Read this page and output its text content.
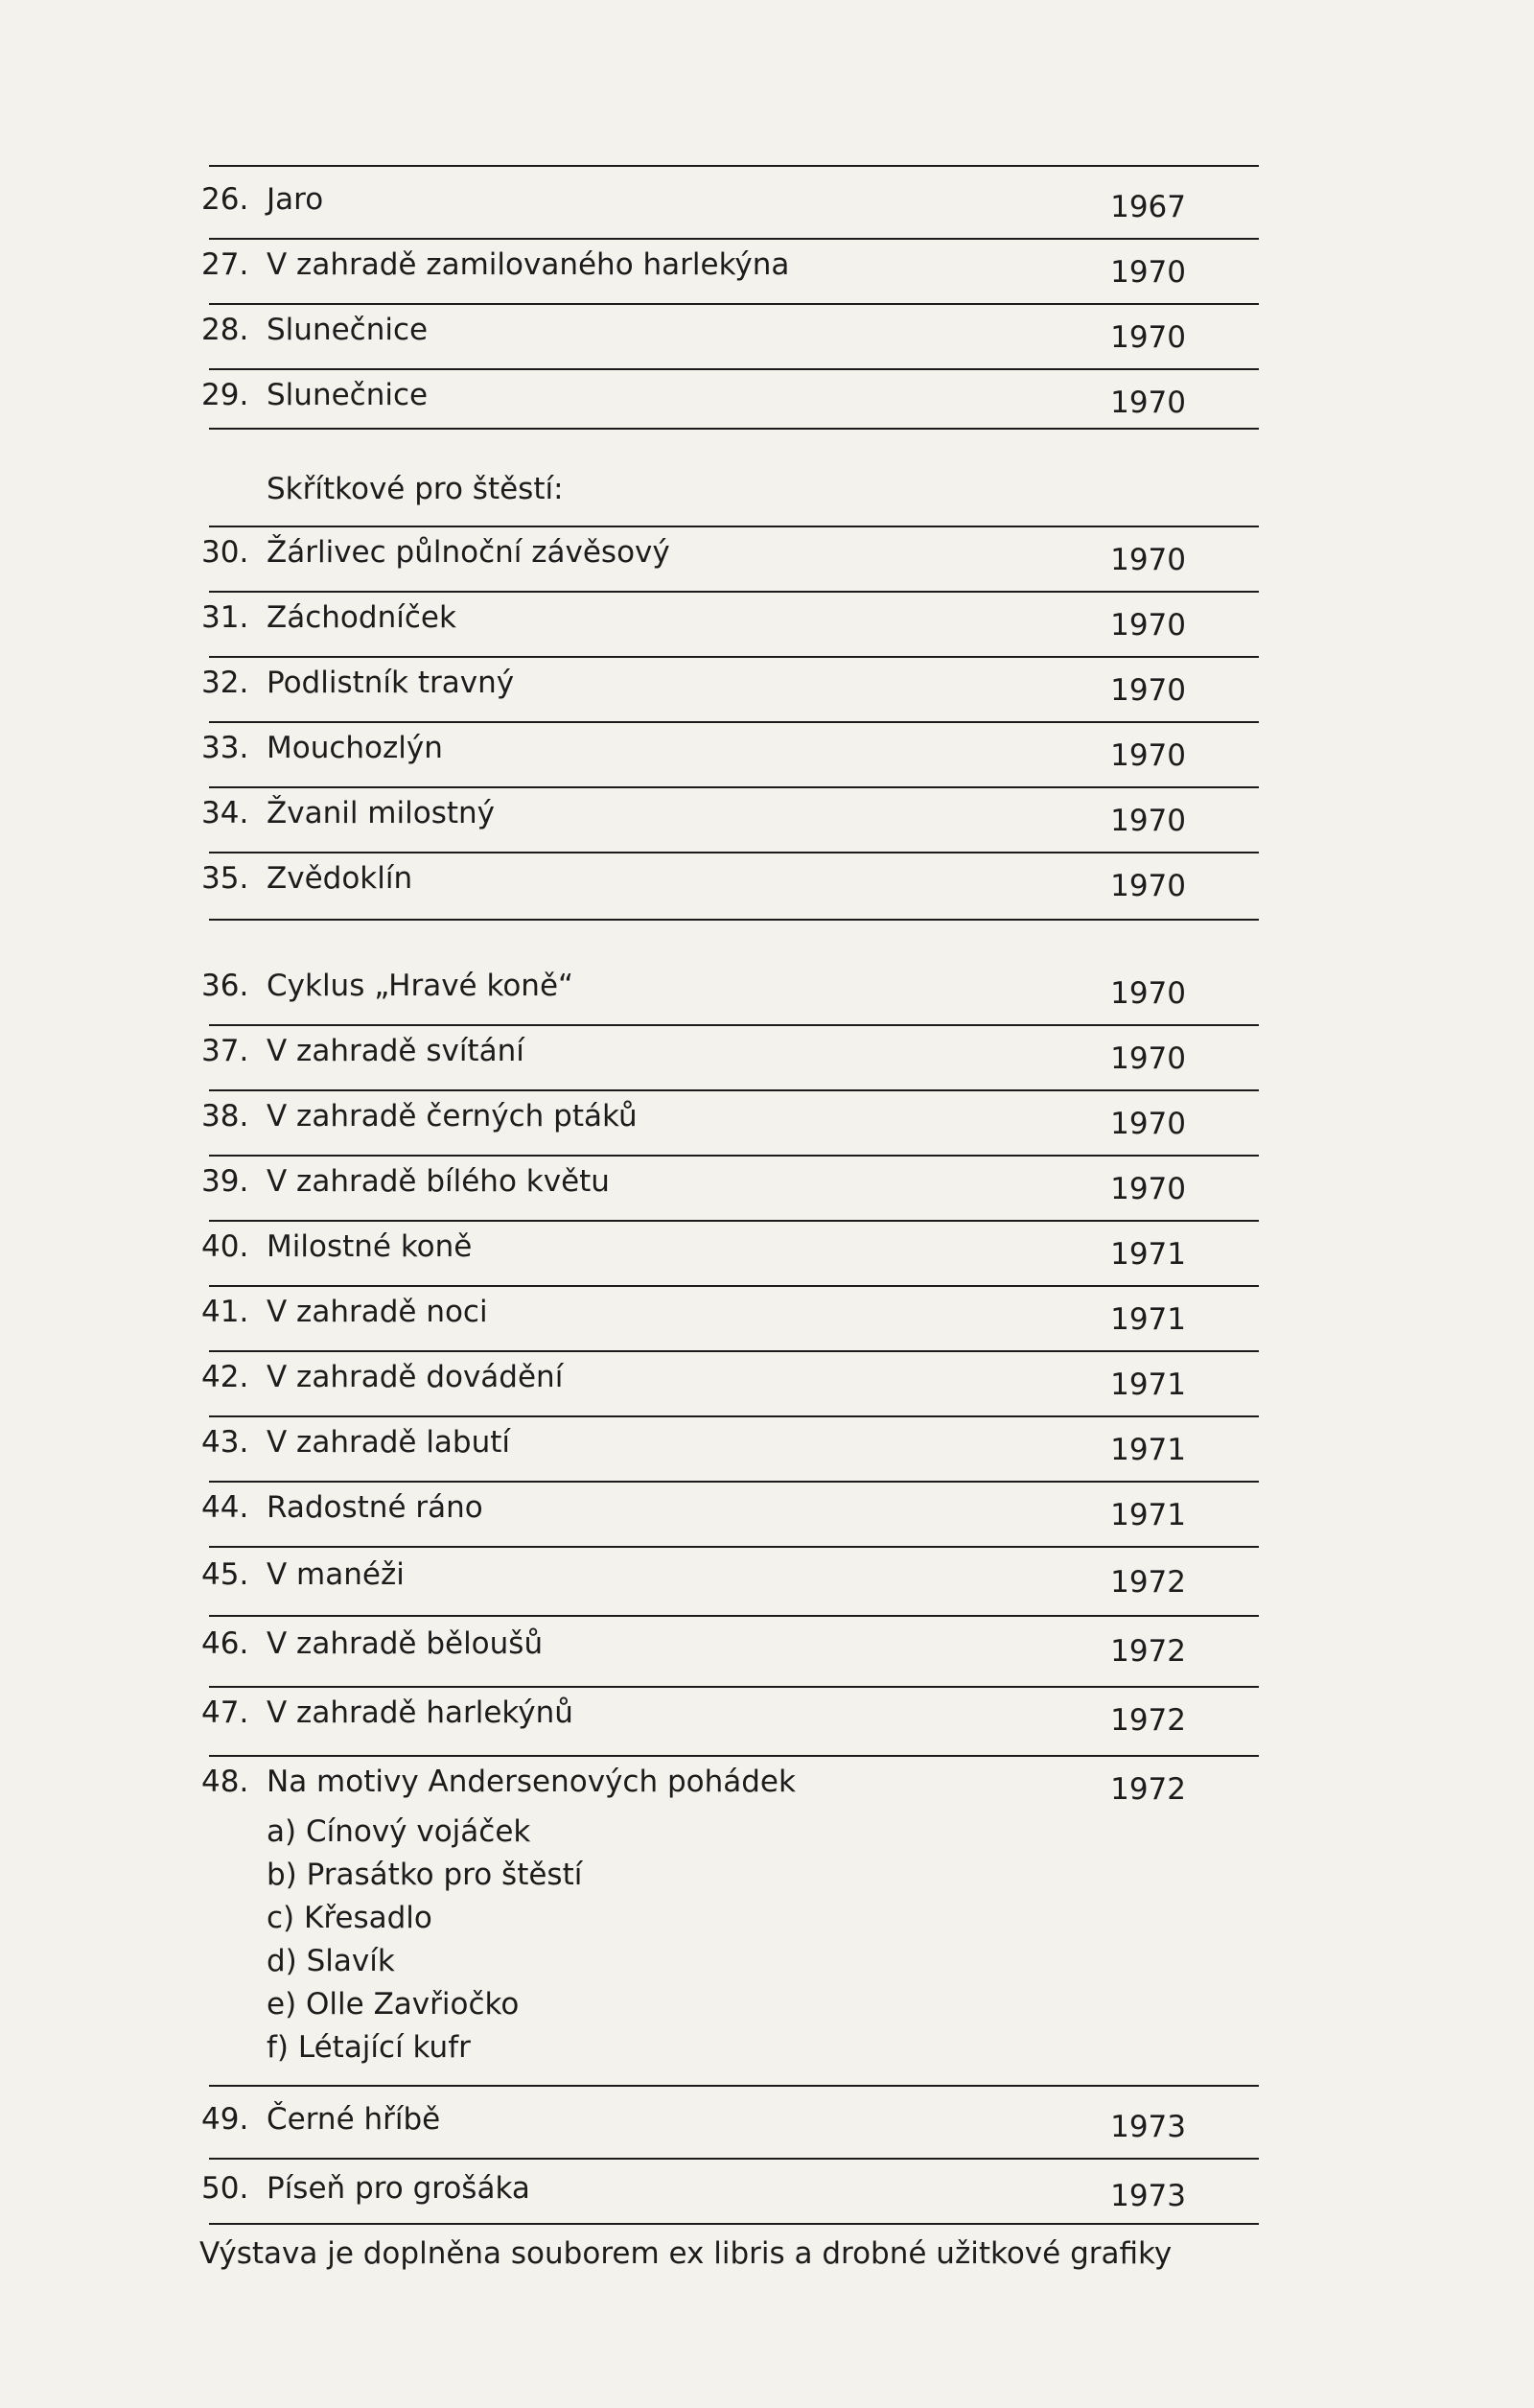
26. Jaro	1967
27. V zahradě zamilovaného harlekýna	1970
28. Slunečnice	1970
29. Slunečnice	1970
Skřítkové pro štěstí:
30. Žárlivec půlnoční závěsový	1970
31. Záchodníček	1970
32. Podlistník travný	1970
33. Mouchozlýn	1970
34. Žvanil milostný	1970
35. Zvědoklín	1970
36. Cyklus „Hravé koně“	1970
37. V zahradě svítání	1970
38. V zahradě černých ptáků	1970
39. V zahradě bílého květu	1970
40. Milostné koně	1971
41. V zahradě noci	1971
42. V zahradě dovádění	1971
43. V zahradě labutí	1971
44. Radostné ráno	1971
45. V manéži	1972
46. V zahradě běloušů	1972
47. V zahradě harlekýnů	1972
48. Na motivy Andersenových pohádek	1972
a) Cínový vojáček
b) Prasátko pro štěstí
c) Křesadlo
d) Slavík
e) Olle Zavřiočko
f) Létající kufr
49. Černé hříbě	1973
50. Píseň pro grošáka	1973
Výstava je doplněna souborem ex libris a drobné užitkové grafiky
